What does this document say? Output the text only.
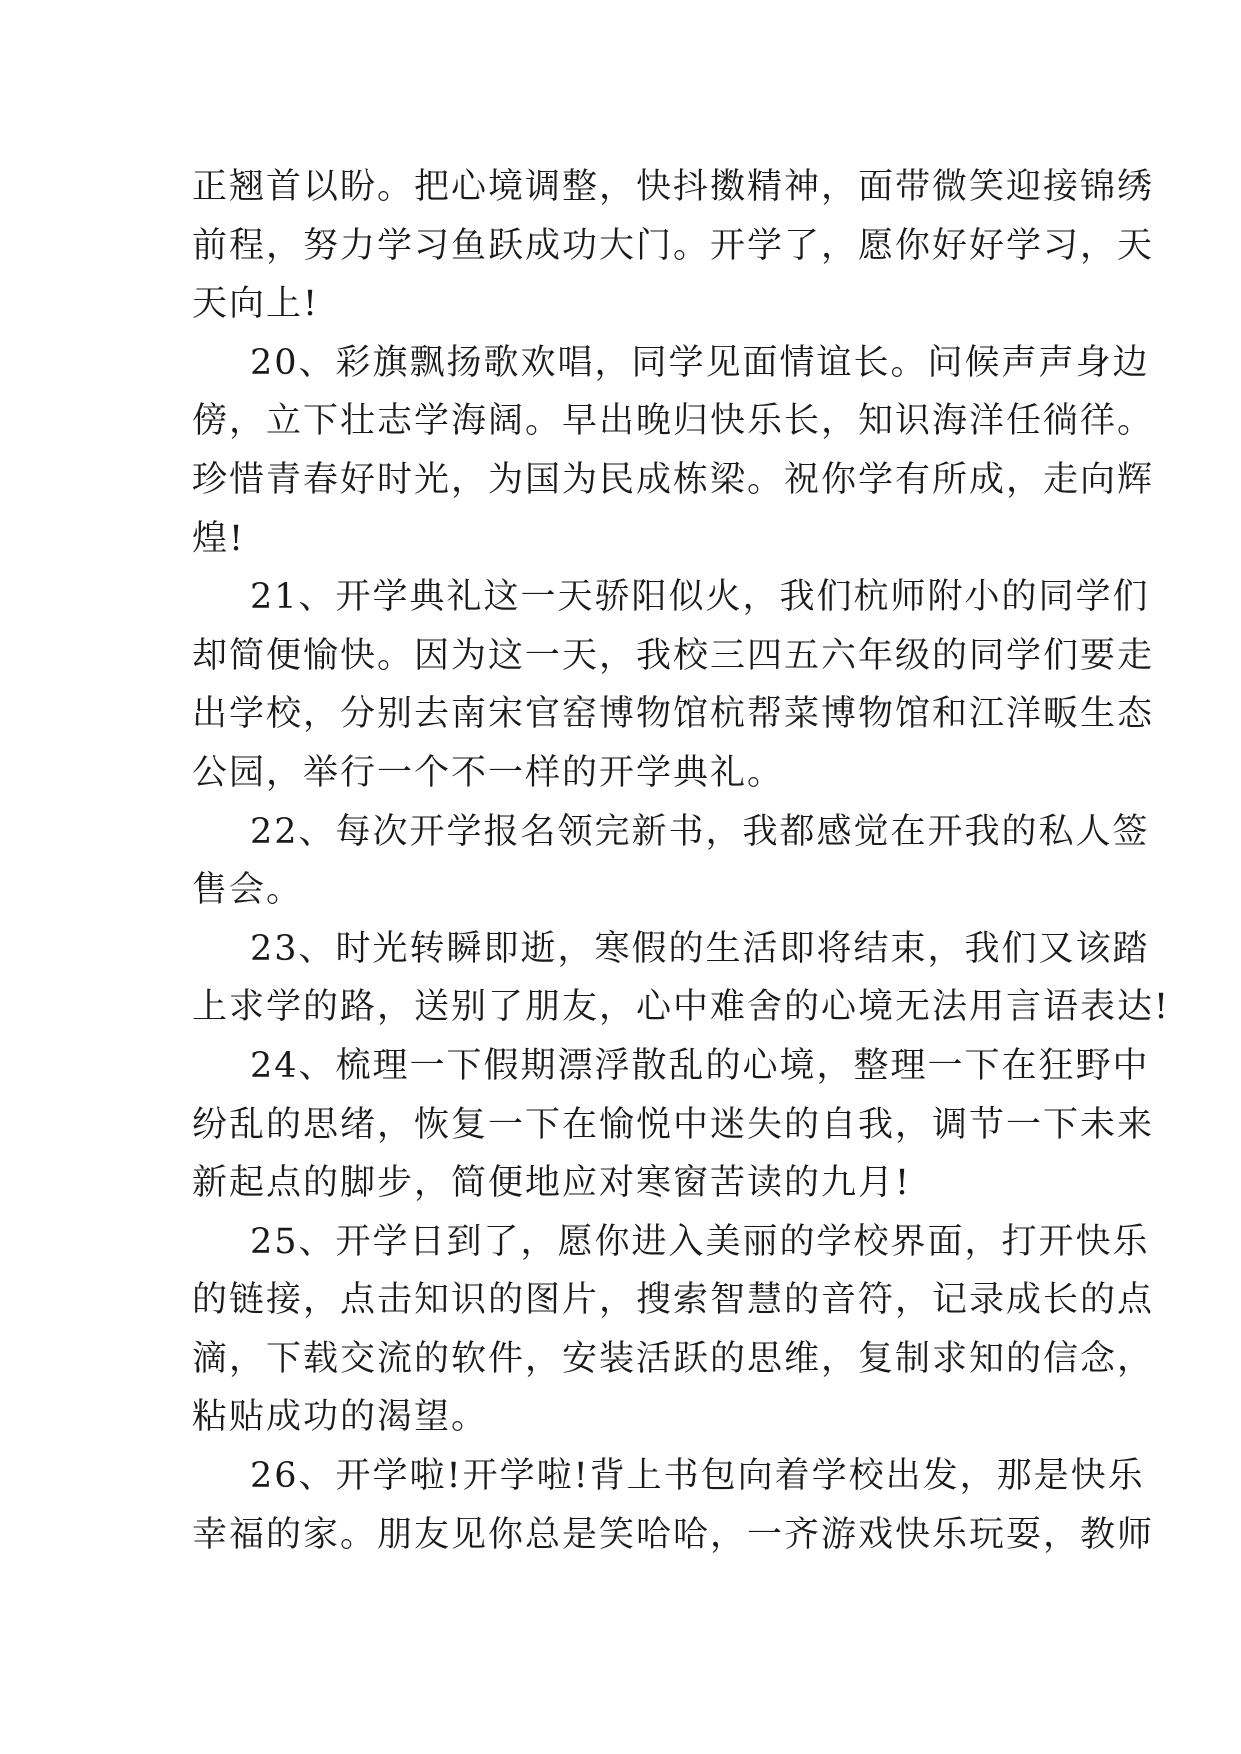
正翘首以盼。把心境调整，快抖擞精神，面带微笑迎接锦绣
前程，努力学习鱼跃成功大门。开学了，愿你好好学习，天
天向上!
20、彩旗飘扬歌欢唱，同学见面情谊长。问候声声身边
傍，立下壮志学海阔。早出晚归快乐长，知识海洋任徜徉。
珍惜青春好时光，为国为民成栋梁。祝你学有所成，走向辉
煌!
21、开学典礼这一天骄阳似火，我们杭师附小的同学们
却简便愉快。因为这一天，我校三四五六年级的同学们要走
出学校，分别去南宋官窑博物馆杭帮菜博物馆和江洋畈生态
公园，举行一个不一样的开学典礼。
22、每次开学报名领完新书，我都感觉在开我的私人签
售会。
23、时光转瞬即逝，寒假的生活即将结束，我们又该踏
上求学的路，送别了朋友，心中难舍的心境无法用言语表达!
24、梳理一下假期漂浮散乱的心境，整理一下在狂野中
纷乱的思绪，恢复一下在愉悦中迷失的自我，调节一下未来
新起点的脚步，简便地应对寒窗苦读的九月!
25、开学日到了，愿你进入美丽的学校界面，打开快乐
的链接，点击知识的图片，搜索智慧的音符，记录成长的点
滴，下载交流的软件，安装活跃的思维，复制求知的信念，
粘贴成功的渴望。
26、开学啦!开学啦!背上书包向着学校出发，那是快乐
幸福的家。朋友见你总是笑哈哈，一齐游戏快乐玩耍，教师
